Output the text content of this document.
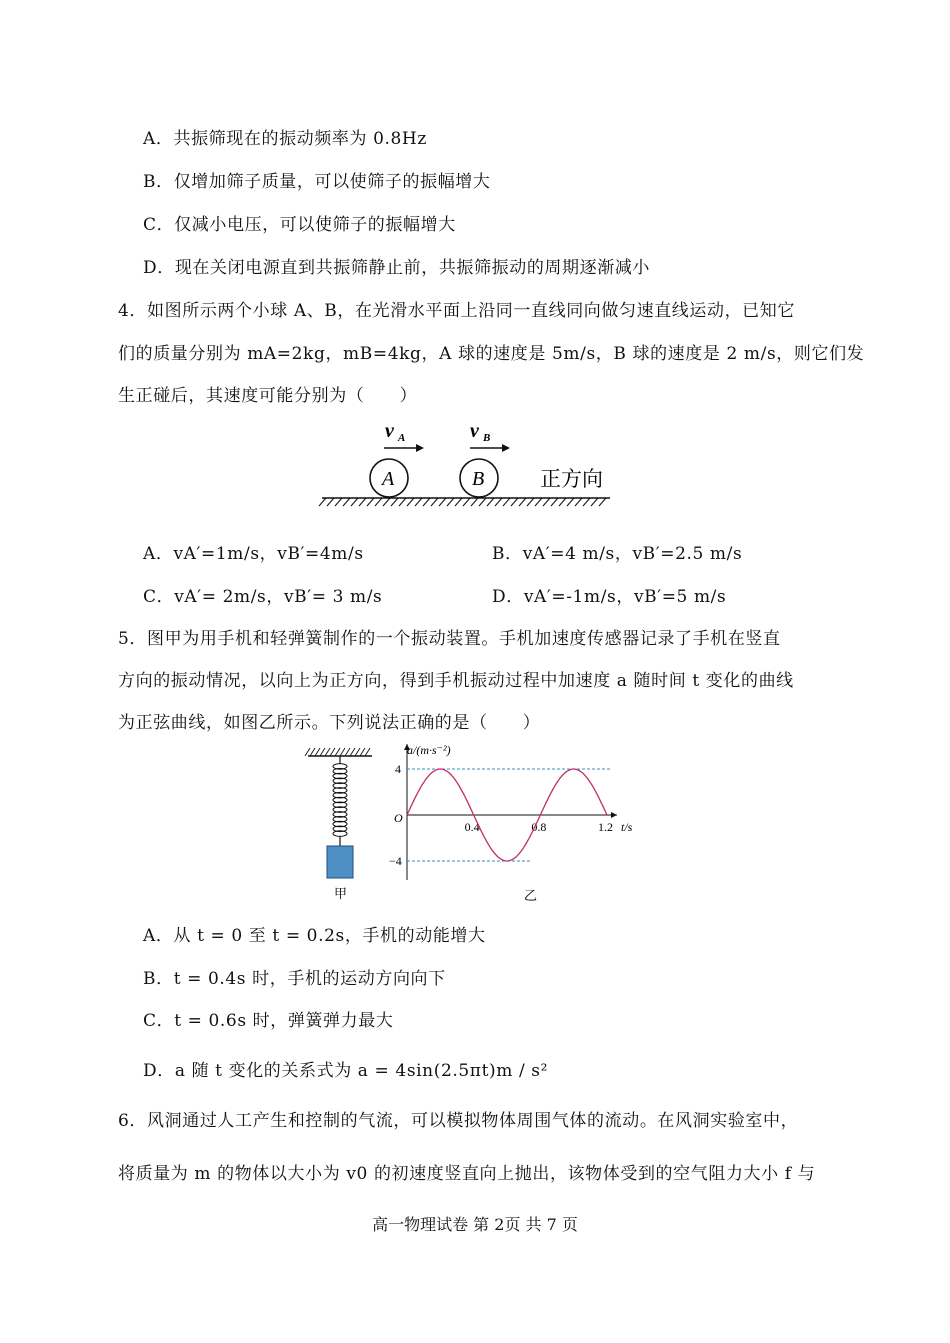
A．共振筛现在的振动频率为 0.8Hz
B．仅增加筛子质量，可以使筛子的振幅增大
C．仅减小电压，可以使筛子的振幅增大
D．现在关闭电源直到共振筛静止前，共振筛振动的周期逐渐减小
4．如图所示两个小球 A、B，在光滑水平面上沿同一直线同向做匀速直线运动，已知它
们的质量分别为 mA=2kg，mB=4kg，A 球的速度是 5m/s，B 球的速度是 2 m/s，则它们发
生正碰后，其速度可能分别为（　　）
v A	v B
A	B	正方向
A．vA′=1m/s，vB′=4m/s	B．vA′=4 m/s，vB′=2.5 m/s
C．vA′= 2m/s，vB′= 3 m/s	D．vA′=-1m/s，vB′=5 m/s
5．图甲为用手机和轻弹簧制作的一个振动装置。手机加速度传感器记录了手机在竖直
方向的振动情况，以向上为正方向，得到手机振动过程中加速度 a 随时间 t 变化的曲线
为正弦曲线，如图乙所示。下列说法正确的是（　　）
甲
a/(m·s⁻²)
t/s
O
0.4	0.8	1.2
4
−4
乙
A．从 t = 0 至 t = 0.2s，手机的动能增大
B．t = 0.4s 时，手机的运动方向向下
C．t = 0.6s 时，弹簧弹力最大
D．a 随 t 变化的关系式为 a = 4sin(2.5πt)m / s²
6．风洞通过人工产生和控制的气流，可以模拟物体周围气体的流动。在风洞实验室中，
将质量为 m 的物体以大小为 v0 的初速度竖直向上抛出，该物体受到的空气阻力大小 f 与
高一物理试卷 第 2页 共 7 页
